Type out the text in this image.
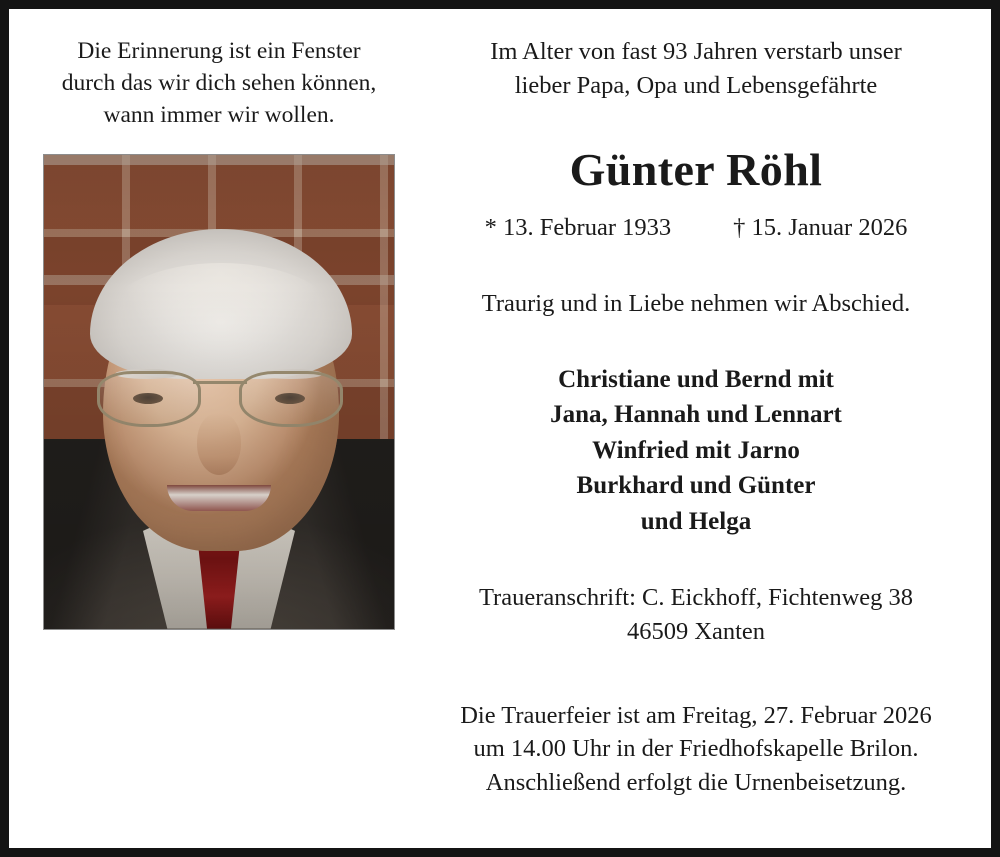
Die Erinnerung ist ein Fenster
durch das wir dich sehen können,
wann immer wir wollen.
Im Alter von fast 93 Jahren verstarb unser
lieber Papa, Opa und Lebensgefährte
Günter Röhl
* 13. Februar 1933	† 15. Januar 2026
Traurig und in Liebe nehmen wir Abschied.
Christiane und Bernd mit
Jana, Hannah und Lennart
Winfried mit Jarno
Burkhard und Günter
und Helga
Traueranschrift: C. Eickhoff, Fichtenweg 38
46509 Xanten
Die Trauerfeier ist am Freitag, 27. Februar 2026
um 14.00 Uhr in der Friedhofskapelle Brilon.
Anschließend erfolgt die Urnenbeisetzung.
